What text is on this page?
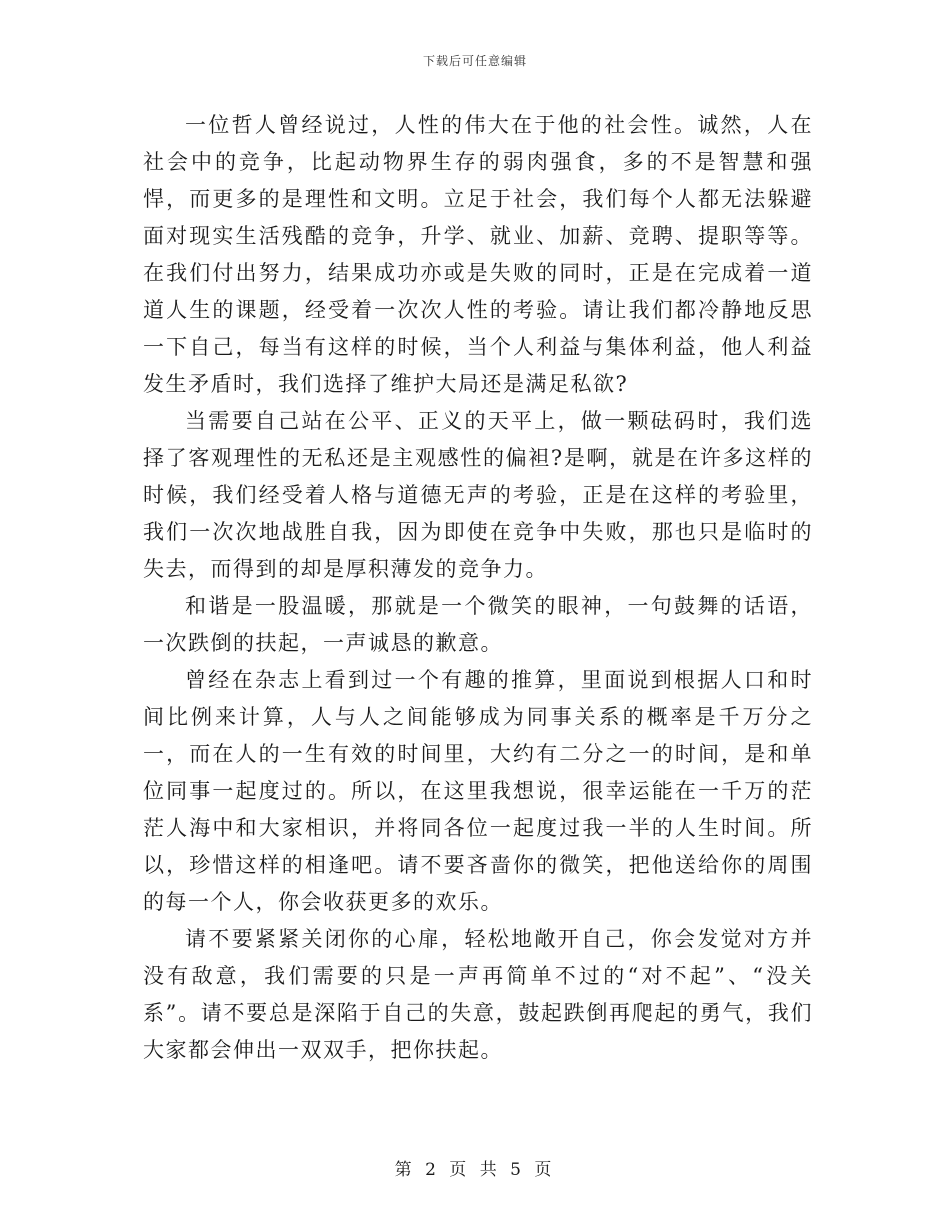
下载后可任意编辑

一位哲人曾经说过，人性的伟大在于他的社会性。诚然，人在社会中的竞争，比起动物界生存的弱肉强食，多的不是智慧和强悍，而更多的是理性和文明。立足于社会，我们每个人都无法躲避面对现实生活残酷的竞争，升学、就业、加薪、竞聘、提职等等。在我们付出努力，结果成功亦或是失败的同时，正是在完成着一道道人生的课题，经受着一次次人性的考验。请让我们都冷静地反思一下自己，每当有这样的时候，当个人利益与集体利益，他人利益发生矛盾时，我们选择了维护大局还是满足私欲?

当需要自己站在公平、正义的天平上，做一颗砝码时，我们选择了客观理性的无私还是主观感性的偏袒?是啊，就是在许多这样的时候，我们经受着人格与道德无声的考验，正是在这样的考验里，我们一次次地战胜自我，因为即使在竞争中失败，那也只是临时的失去，而得到的却是厚积薄发的竞争力。

和谐是一股温暖，那就是一个微笑的眼神，一句鼓舞的话语，一次跌倒的扶起，一声诚恳的歉意。

曾经在杂志上看到过一个有趣的推算，里面说到根据人口和时间比例来计算，人与人之间能够成为同事关系的概率是千万分之一，而在人的一生有效的时间里，大约有二分之一的时间，是和单位同事一起度过的。所以，在这里我想说，很幸运能在一千万的茫茫人海中和大家相识，并将同各位一起度过我一半的人生时间。所以，珍惜这样的相逢吧。请不要吝啬你的微笑，把他送给你的周围的每一个人，你会收获更多的欢乐。

请不要紧紧关闭你的心扉，轻松地敞开自己，你会发觉对方并没有敌意，我们需要的只是一声再简单不过的“对不起”、“没关系”。请不要总是深陷于自己的失意，鼓起跌倒再爬起的勇气，我们大家都会伸出一双双手，把你扶起。

第 2 页 共 5 页
